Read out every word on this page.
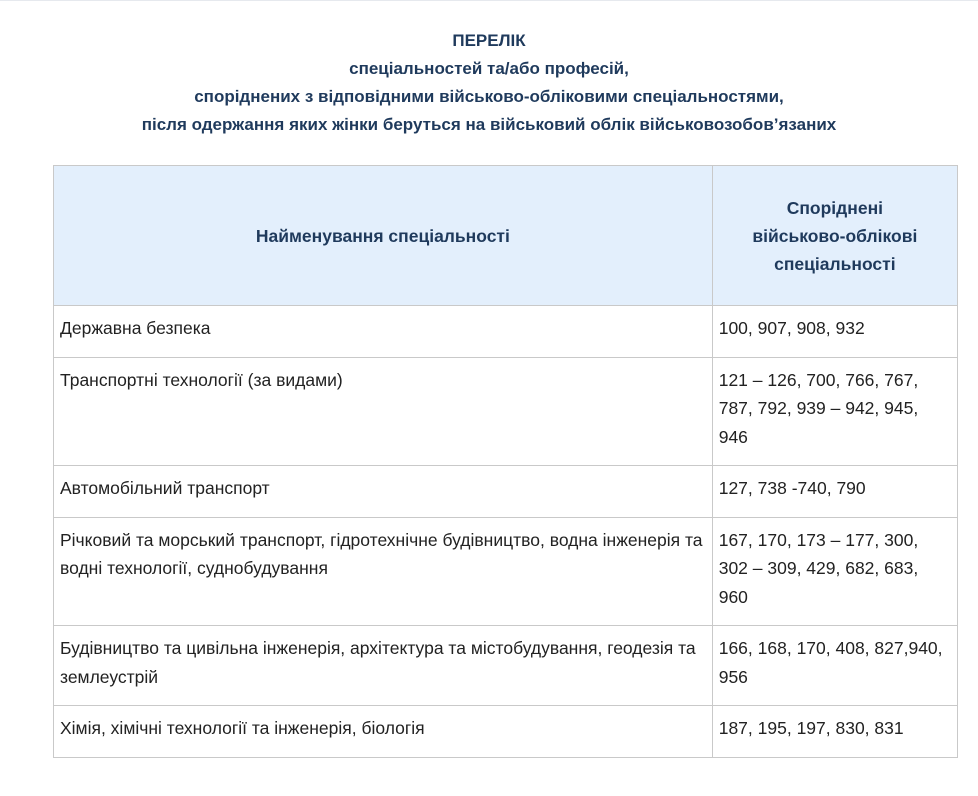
ПЕРЕЛІК
спеціальностей та/або професій,
споріднених з відповідними військово-обліковими спеціальностями,
після одержання яких жінки беруться на військовий облік військовозобов’язаних
Найменування спеціальності	Споріднені
військово-облікові
спеціальності

Державна безпека	100, 907, 908, 932
Транспортні технології (за видами)	121 – 126, 700, 766, 767, 787, 792, 939 – 942, 945, 946
Автомобільний транспорт	127, 738 -740, 790
Річковий та морський транспорт, гідротехнічне будівництво, водна інженерія та водні технології, суднобудування	167, 170, 173 – 177, 300, 302 – 309, 429, 682, 683, 960
Будівництво та цивільна інженерія, архітектура та містобудування, геодезія та землеустрій	166, 168, 170, 408, 827,940, 956
Хімія, хімічні технології та інженерія, біологія	187, 195, 197, 830, 831
